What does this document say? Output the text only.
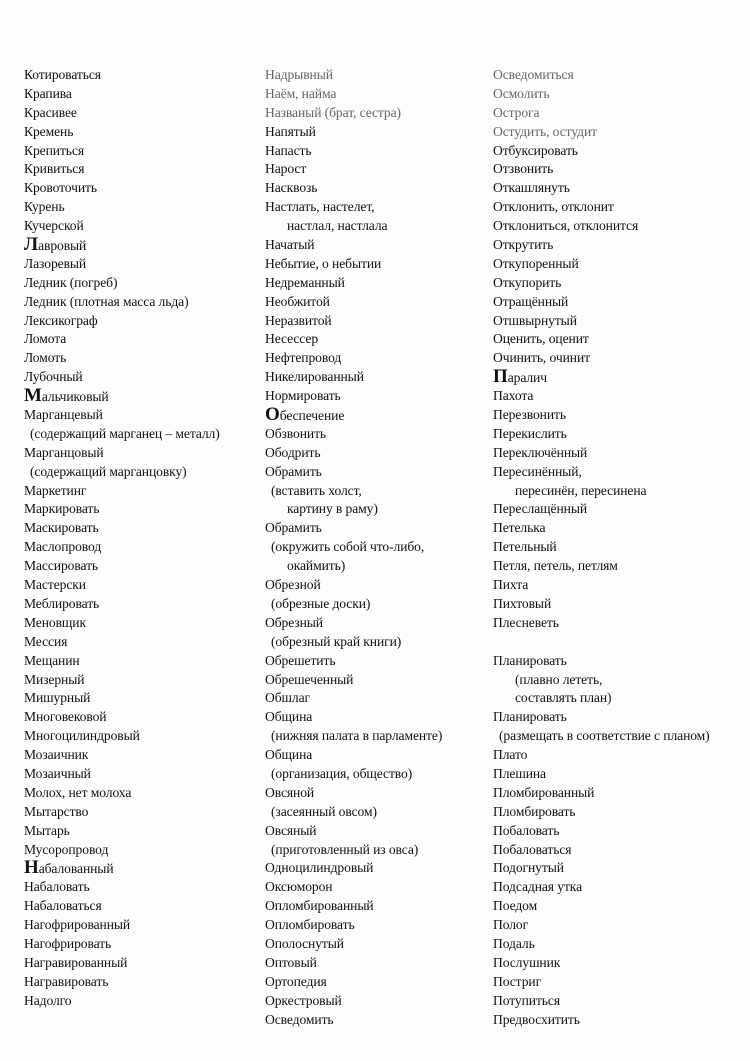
Котироваться
Крапива
Красивее
Кремень
Крепиться
Кривиться
Кровоточить
Курень
Кучерской
Лавровый
Лазоревый
Ледник (погреб)
Ледник (плотная масса льда)
Лексикограф
Ломота
Ломоть
Лубочный
Мальчиковый
Марганцевый
(содержащий марганец – металл)
Марганцовый
(содержащий марганцовку)
Маркетинг
Маркировать
Маскировать
Маслопровод
Массировать
Мастерски
Меблировать
Меновщик
Мессия
Мещанин
Мизерный
Мишурный
Многовековой
Многоцилиндровый
Мозаичник
Мозаичный
Молох, нет молоха
Мытарство
Мытарь
Мусоропровод
Набалованный
Набаловать
Набаловаться
Нагофрированный
Нагофрировать
Награвированный
Награвировать
Надолго
Надрывный
Наём, найма
Названый (брат, сестра)
Напятый
Напасть
Нарост
Насквозь
Настлать, настелет,
настлал, настлала
Начатый
Небытие, о небытии
Недреманный
Необжитой
Неразвитой
Несессер
Нефтепровод
Никелированный
Нормировать
Обеспечение
Обзвонить
Ободрить
Обрамить
(вставить холст,
картину в раму)
Обрамить
(окружить собой что-либо,
окаймить)
Обрезной
(обрезные доски)
Обрезный
(обрезный край книги)
Обрешетить
Обрешеченный
Обшлаг
Община
(нижняя палата в парламенте)
Община
(организация, общество)
Овсяной
(засеянный овсом)
Овсяный
(приготовленный из овса)
Одноцилиндровый
Оксюморон
Опломбированный
Опломбировать
Ополоснутый
Оптовый
Ортопедия
Оркестровый
Осведомить
Осведомиться
Осмолить
Острога
Остудить, остудит
Отбуксировать
Отзвонить
Откашлянуть
Отклонить, отклонит
Отклониться, отклонится
Открутить
Откупоренный
Откупорить
Отращённый
Отшвырнутый
Оценить, оценит
Очинить, очинит
Паралич
Пахота
Перезвонить
Перекислить
Переключённый
Пересинённый,
пересинён, пересинена
Переслащённый
Петелька
Петельный
Петля, петель, петлям
Пихта
Пихтовый
Плесневеть
Планировать
(плавно лететь,
составлять план)
Планировать
(размещать в соответствие с планом)
Плато
Плешина
Пломбированный
Пломбировать
Побаловать
Побаловаться
Подогнутый
Подсадная утка
Поедом
Полог
Подаль
Послушник
Постриг
Потупиться
Предвосхитить
